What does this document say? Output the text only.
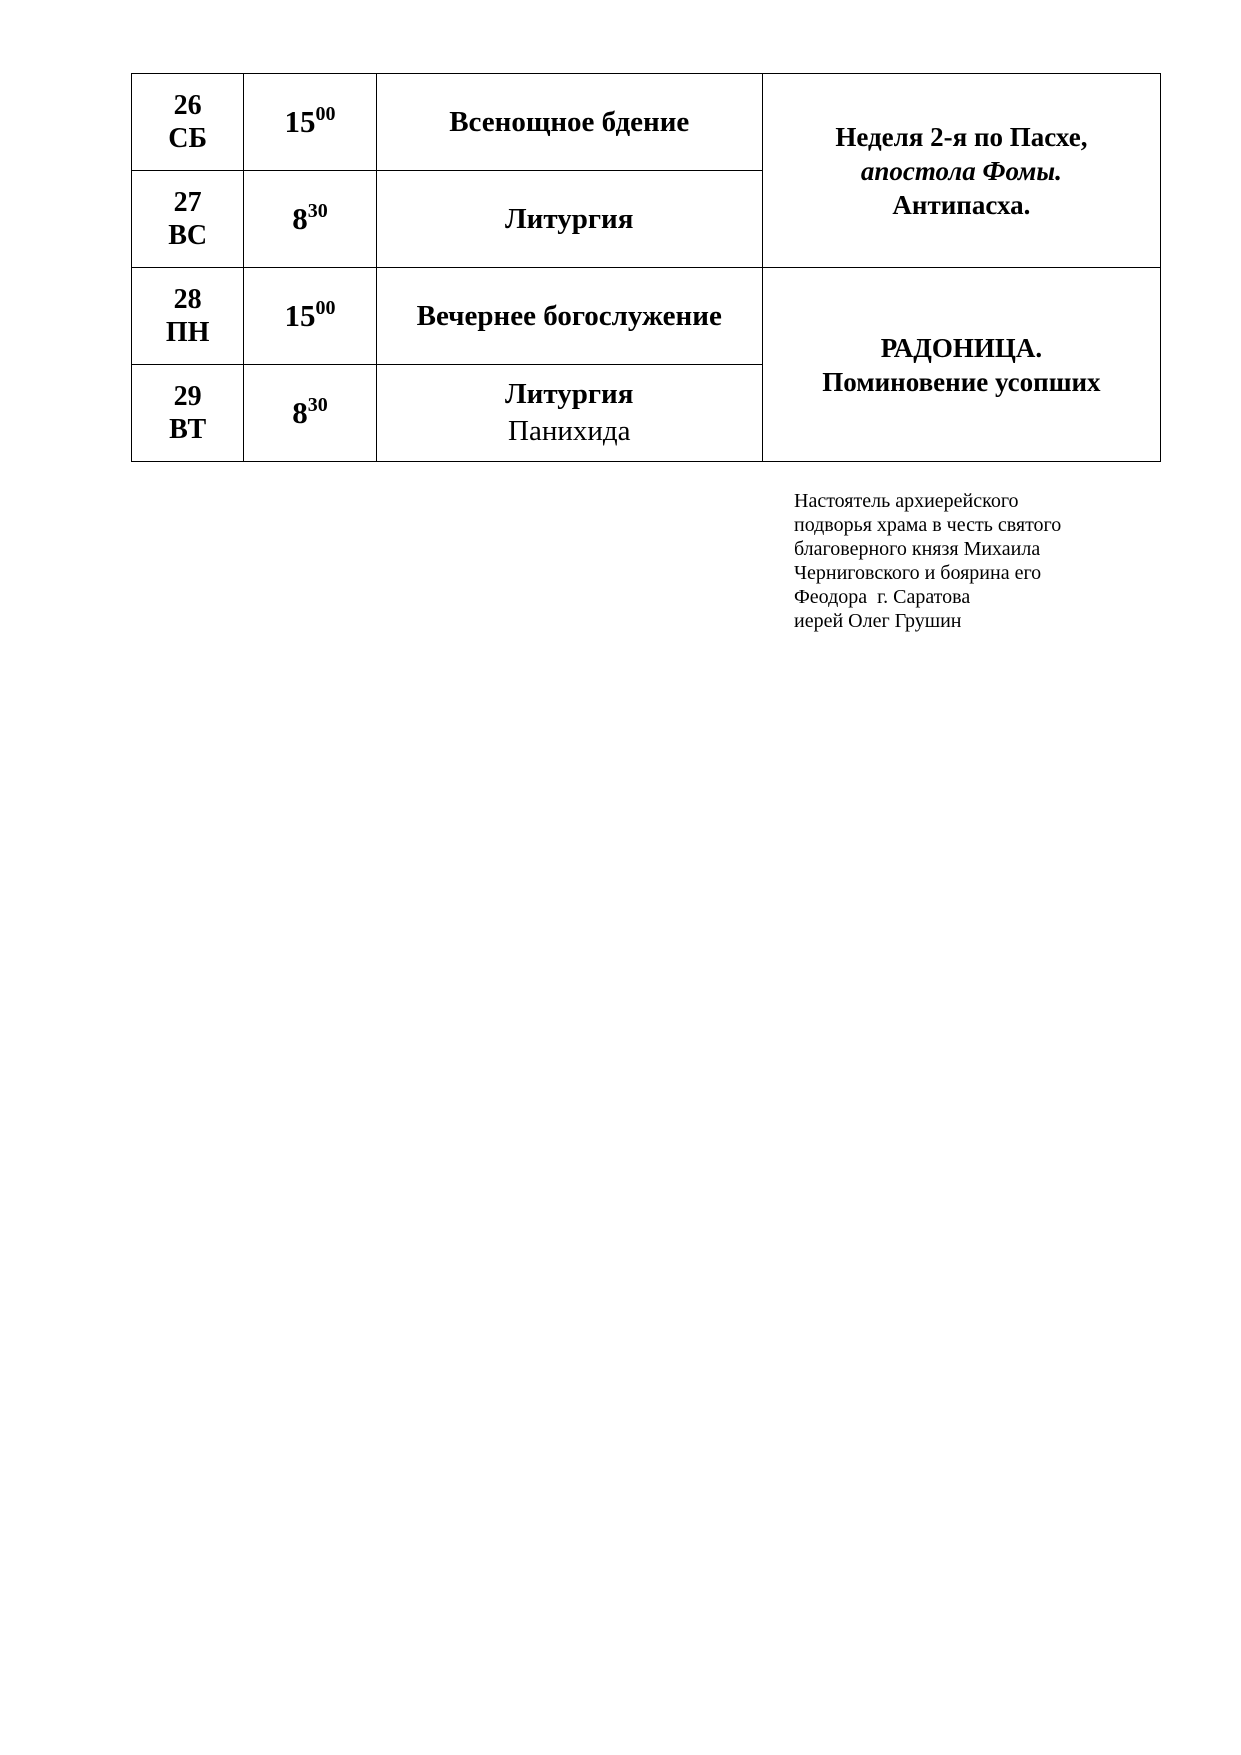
26
СБ	$15^{00}$	Всенощное бдение	Неделя 2-я по Пасхе,
апостола Фомы.
Антипасха.

27
ВС	$8^{30}$	Литургия	

28
ПН	$15^{00}$	Вечернее богослужение	РАДОНИЦА.
Поминовение усопших

29
ВТ	$8^{30}$	Литургия
Панихида	
Настоятель архиерейского
подворья храма в честь святого
благоверного князя Михаила
Черниговского и боярина его
Феодора  г. Саратова
иерей Олег Грушин
